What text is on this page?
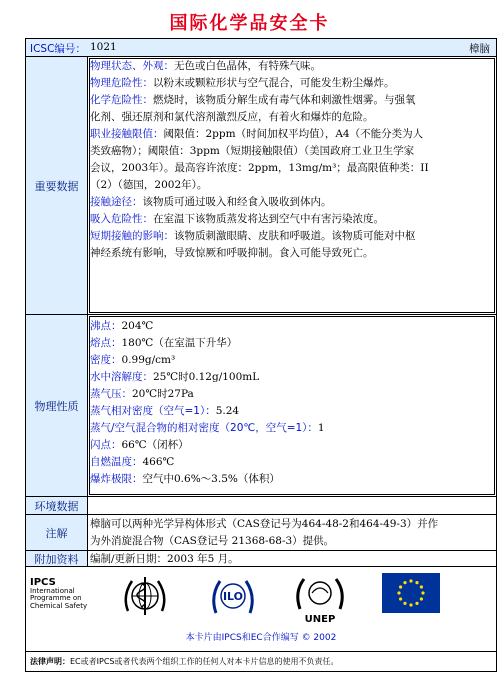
国际化学品安全卡
ICSC编号： 1021	樟脑
重要数据
物理状态、外观：无色或白色晶体，有特殊气味。
物理危险性：以粉末或颗粒形状与空气混合，可能发生粉尘爆炸。
化学危险性：燃烧时，该物质分解生成有毒气体和刺激性烟雾。与强氧
化剂、强还原剂和氯代溶剂激烈反应，有着火和爆炸的危险。
职业接触限值：阈限值：2ppm（时间加权平均值），A4（不能分类为人
类致癌物）；阈限值：3ppm（短期接触限值）（美国政府工业卫生学家
会议，2003年）。最高容许浓度：2ppm，13mg/m³；最高限值种类：II
（2）（德国，2002年）。
接触途径：该物质可通过吸入和经食入吸收到体内。
吸入危险性：在室温下该物质蒸发将达到空气中有害污染浓度。
短期接触的影响：该物质刺激眼睛、皮肤和呼吸道。该物质可能对中枢
神经系统有影响，导致惊厥和呼吸抑制。食入可能导致死亡。
物理性质
沸点：204℃
熔点：180℃（在室温下升华）
密度：0.99g/cm³
水中溶解度：25℃时0.12g/100mL
蒸气压：20℃时27Pa
蒸气相对密度（空气=1）：5.24
蒸气/空气混合物的相对密度（20℃，空气=1）：1
闪点：66℃（闭杯）
自燃温度：466℃
爆炸极限：空气中0.6%～3.5%（体积）
环境数据
注解
樟脑可以两种光学异构体形式（CAS登记号为464-48-2和464-49-3）并作
为外消旋混合物（CAS登记号 21368-68-3）提供。
附加资料	编制/更新日期：2003 年5 月。
IPCS
International
Programme on
Chemical Safety
ILO
UNEP
本卡片由IPCS和EC合作编写 © 2002
法律声明：EC或者IPCS或者代表两个组织工作的任何人对本卡片信息的使用不负责任。
